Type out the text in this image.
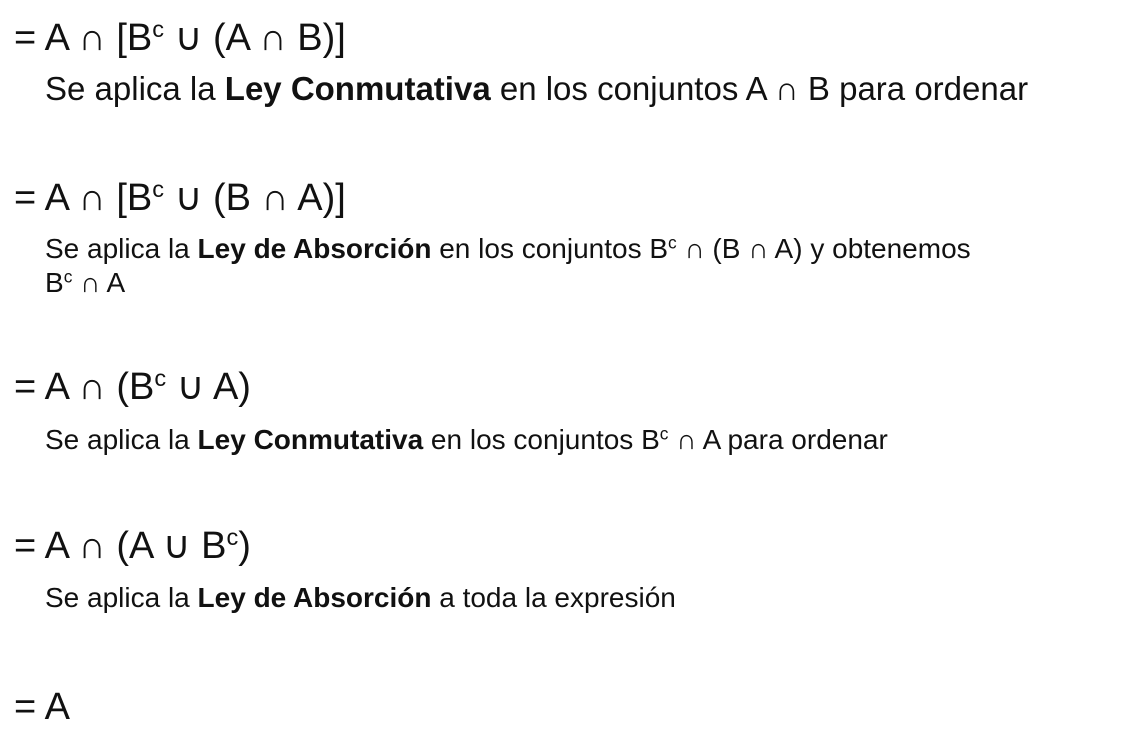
= A ∩ [$B^c$ ∪ (A ∩ B)]
Se aplica la Ley Conmutativa en los conjuntos A ∩ B para ordenar
= A ∩ [$B^c$ ∪ (B ∩ A)]
Se aplica la Ley de Absorción en los conjuntos $B^c$ ∩ (B ∩ A) y obtenemos
$B^c$ ∩ A
= A ∩ ($B^c$ ∪ A)
Se aplica la Ley Conmutativa en los conjuntos $B^c$ ∩ A para ordenar
= A ∩ (A ∪ $B^c$)
Se aplica la Ley de Absorción a toda la expresión
= A
